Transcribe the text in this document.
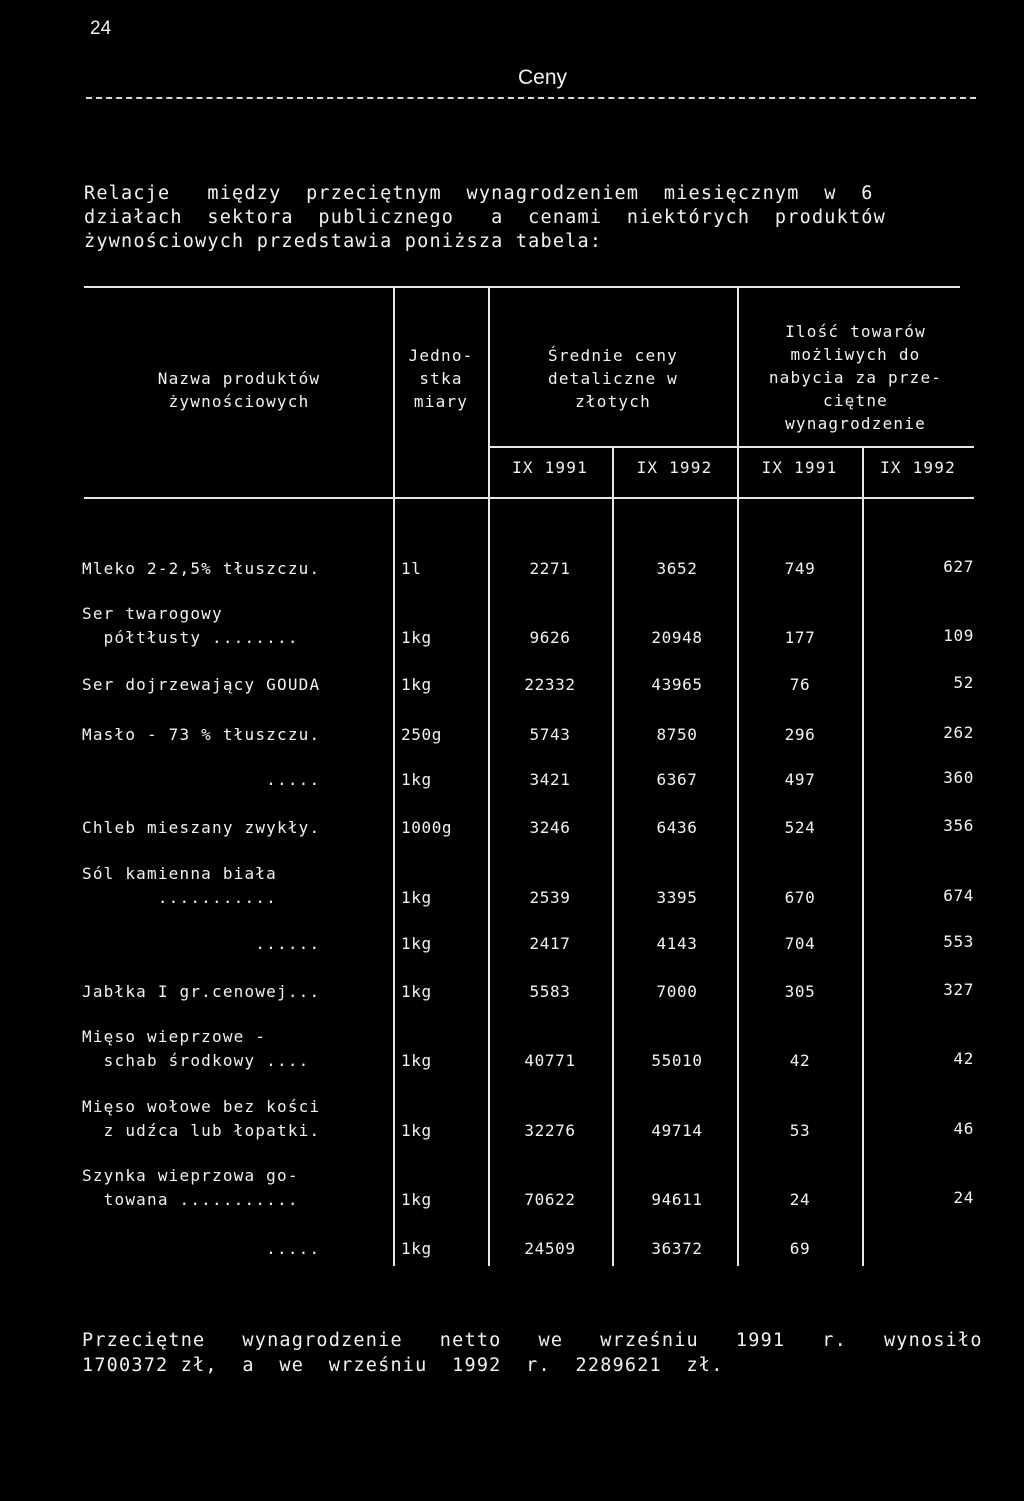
24
Ceny
Relacje   między  przeciętnym  wynagrodzeniem  miesięcznym  w  6
działach  sektora  publicznego   a  cenami  niektórych  produktów
żywnościowych przedstawia poniższa tabela:
Nazwa produktów
żywnościowych
Jedno-
stka
miary
Średnie ceny
detaliczne w
złotych
Ilość towarów
możliwych do
nabycia za prze-
ciętne
wynagrodzenie
IX 1991	IX 1992	IX 1991	IX 1992
Mleko 2-2,5% tłuszczu.	1l	2271	3652	749	627
Ser twarogowy
półtłusty ........	1kg	9626	20948	177	109
Ser dojrzewający GOUDA	1kg	22332	43965	76	52
Masło - 73 % tłuszczu.	250g	5743	8750	296	262
.....	1kg	3421	6367	497	360
Chleb mieszany zwykły.	1000g	3246	6436	524	356
Sól kamienna biała
...........	1kg	2539	3395	670	674
......	1kg	2417	4143	704	553
Jabłka I gr.cenowej...	1kg	5583	7000	305	327
Mięso wieprzowe -
schab środkowy ....	1kg	40771	55010	42	42
Mięso wołowe bez kości
z udźca lub łopatki.	1kg	32276	49714	53	46
Szynka wieprzowa go-
towana ...........	1kg	70622	94611	24	24
.....	1kg	24509	36372	69
Przeciętne   wynagrodzenie   netto   we   wrześniu   1991   r.   wynosiło
1700372 zł,  a  we  wrześniu  1992  r.  2289621  zł.
